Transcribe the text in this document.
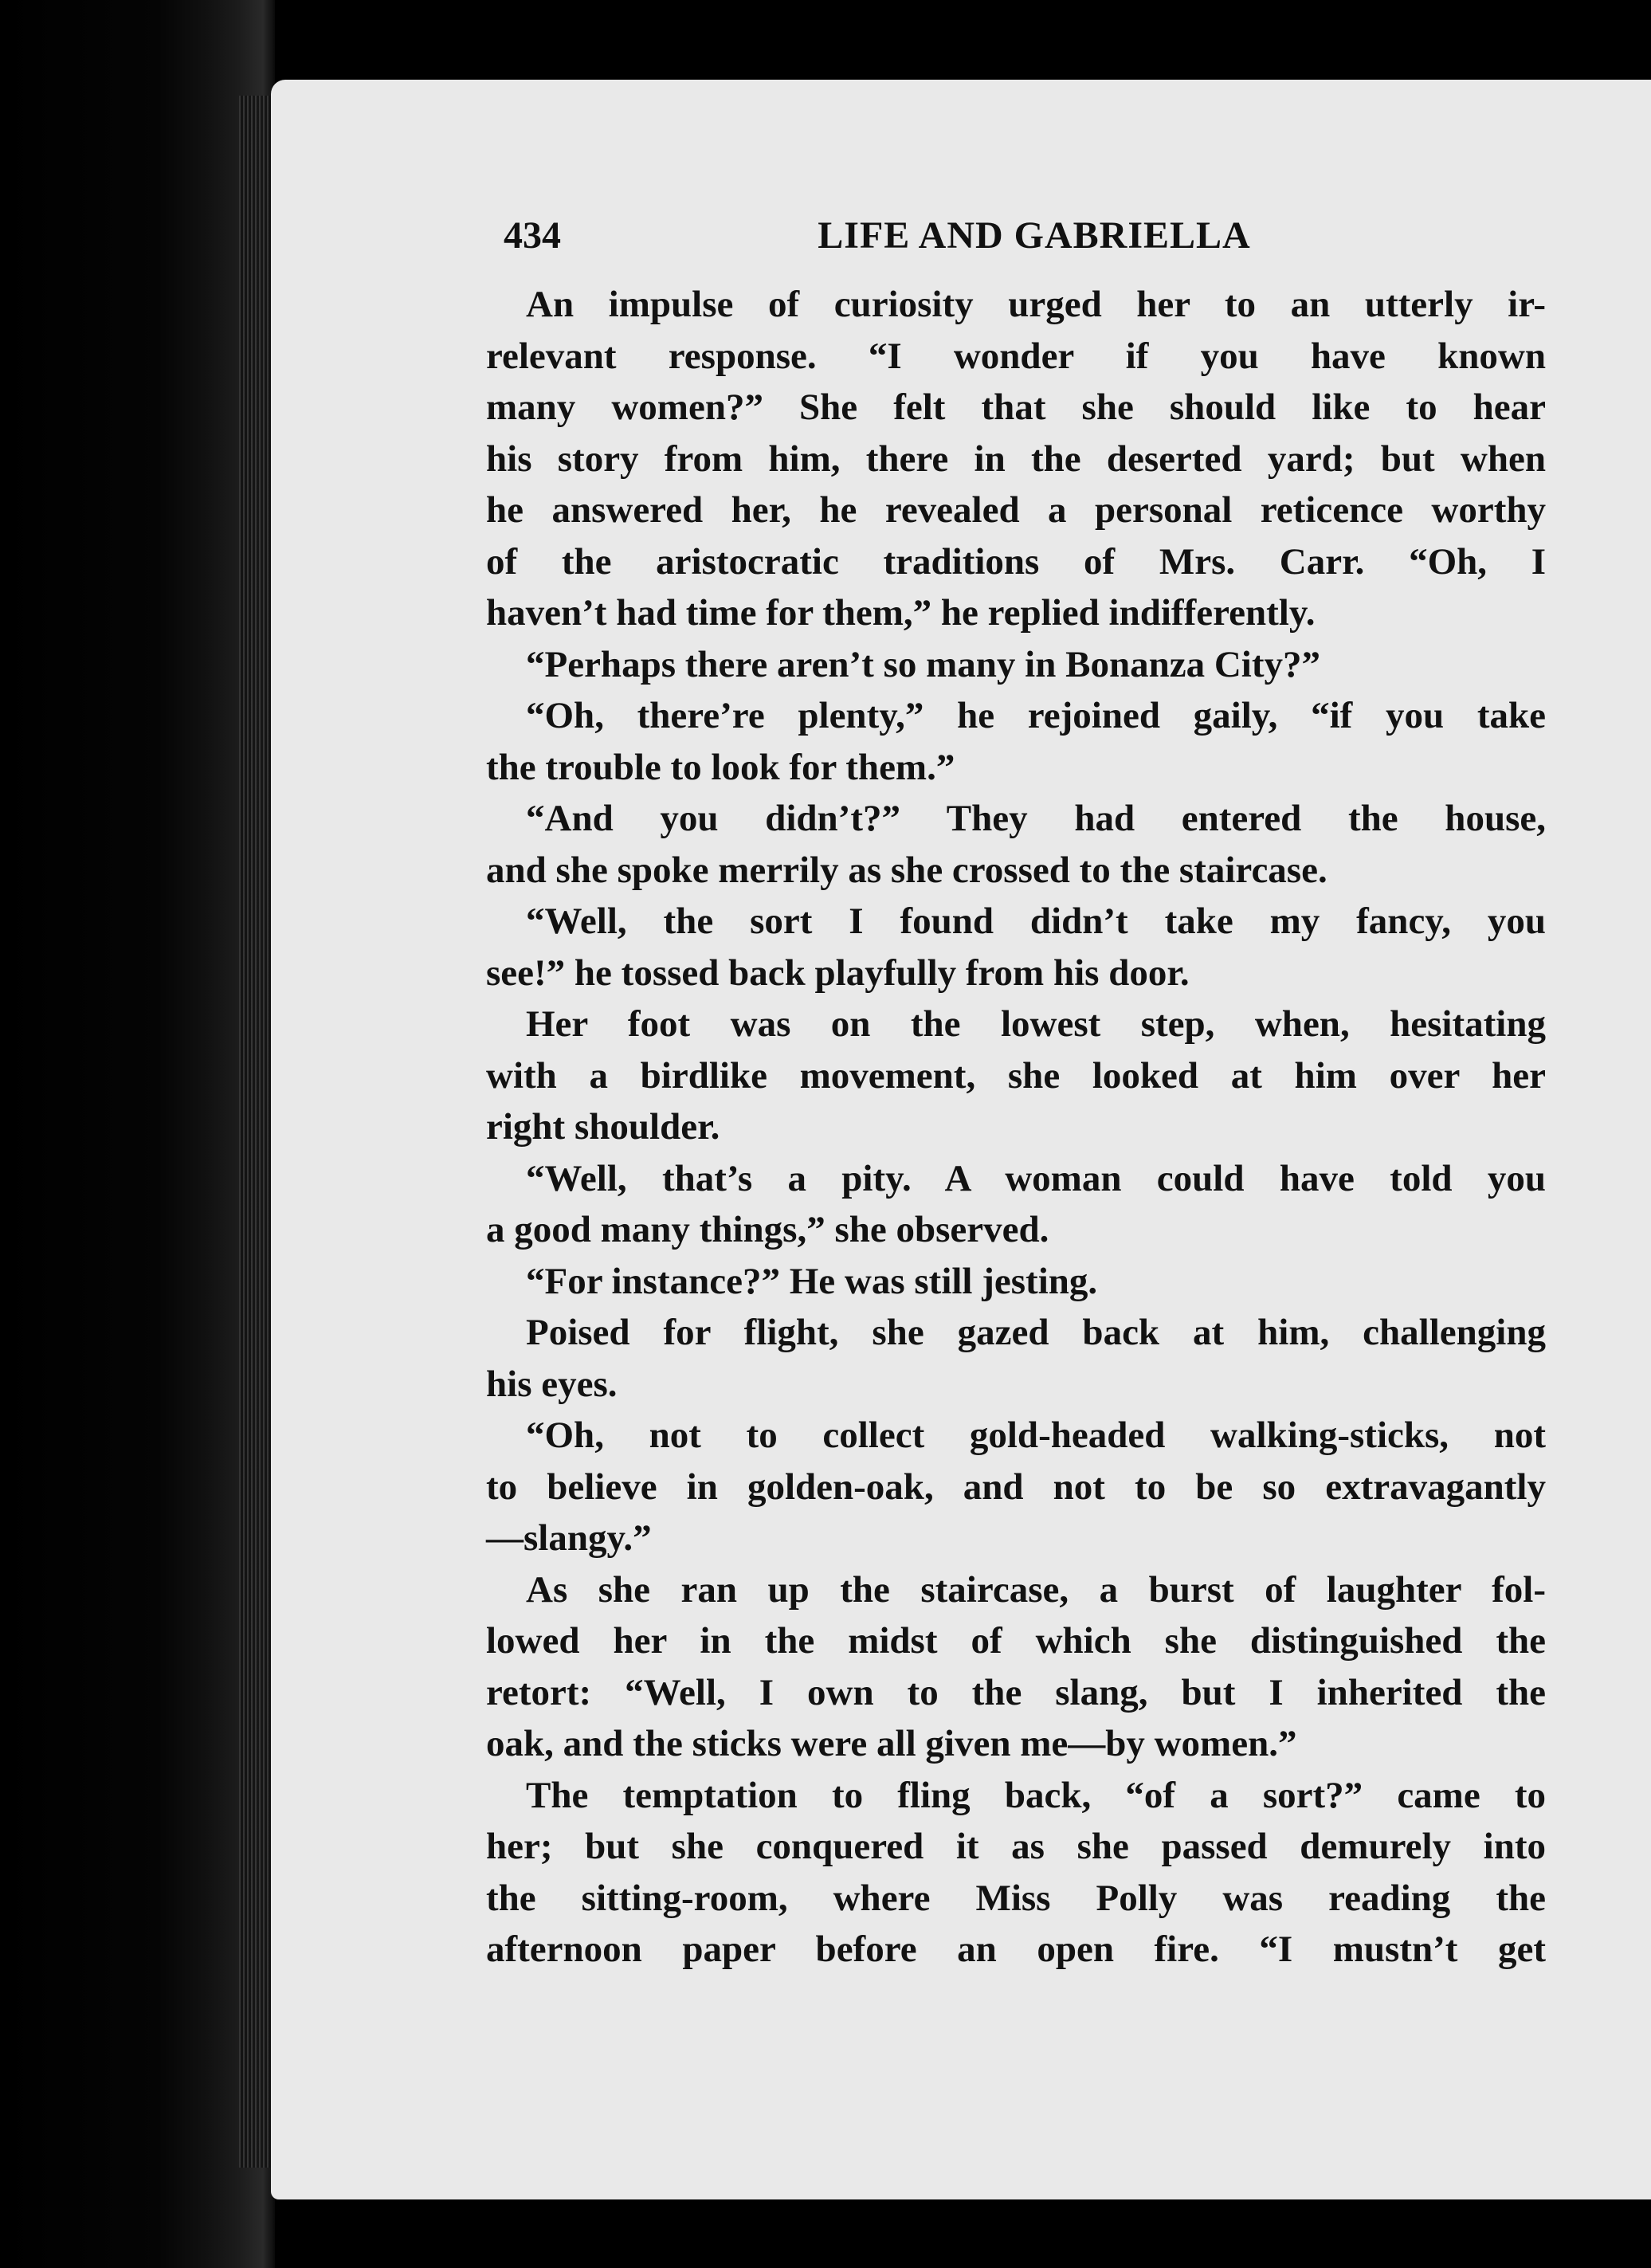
434	LIFE AND GABRIELLA

An impulse of curiosity urged her to an utterly ir-

relevant response. “I wonder if you have known

many women?” She felt that she should like to hear

his story from him, there in the deserted yard; but when

he answered her, he revealed a personal reticence worthy

of the aristocratic traditions of Mrs. Carr. “Oh, I

haven’t had time for them,” he replied indifferently.

“Perhaps there aren’t so many in Bonanza City?”

“Oh, there’re plenty,” he rejoined gaily, “if you take

the trouble to look for them.”

“And you didn’t?” They had entered the house,

and she spoke merrily as she crossed to the staircase.

“Well, the sort I found didn’t take my fancy, you

see!” he tossed back playfully from his door.

Her foot was on the lowest step, when, hesitating

with a birdlike movement, she looked at him over her

right shoulder.

“Well, that’s a pity. A woman could have told you

a good many things,” she observed.

“For instance?” He was still jesting.

Poised for flight, she gazed back at him, challenging

his eyes.

“Oh, not to collect gold-headed walking-sticks, not

to believe in golden-oak, and not to be so extravagantly

—slangy.”

As she ran up the staircase, a burst of laughter fol-

lowed her in the midst of which she distinguished the

retort: “Well, I own to the slang, but I inherited the

oak, and the sticks were all given me—by women.”

The temptation to fling back, “of a sort?” came to

her; but she conquered it as she passed demurely into

the sitting-room, where Miss Polly was reading the

afternoon paper before an open fire. “I mustn’t get
